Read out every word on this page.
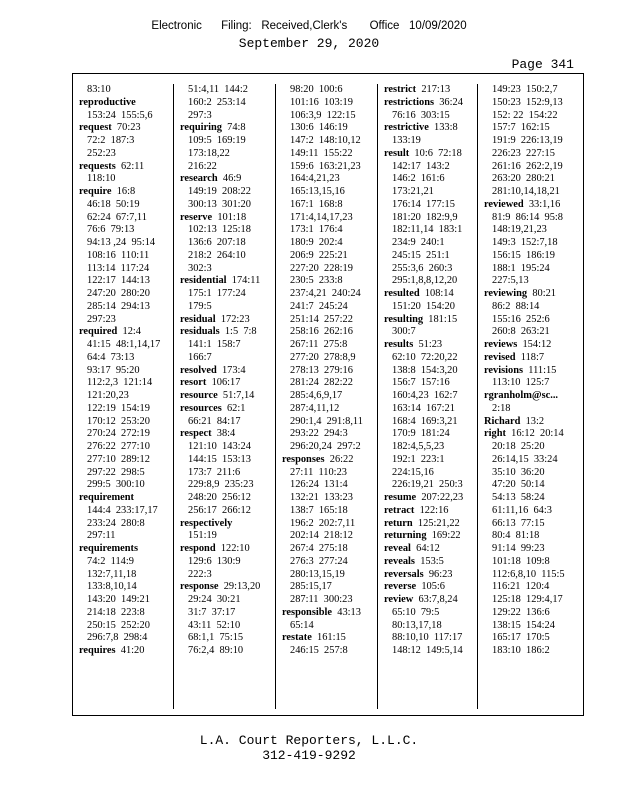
Electronic      Filing:   Received,Clerk's       Office   10/09/2020
September 29, 2020
Page 341
83:10
reproductive
153:24  155:5,6
request 70:23
72:2  187:3
252:23
requests 62:11
118:10
require 16:8
46:18  50:19
62:24  67:7,11
76:6  79:13
94:13 ,24  95:14
108:16  110:11
113:14  117:24
122:17  144:13
247:20  280:20
285:14  294:13
297:23
required 12:4
41:15  48:1,14,17
64:4  73:13
93:17  95:20
112:2,3  121:14
121:20,23
122:19  154:19
170:12  253:20
270:24  272:19
276:22  277:10
277:10  289:12
297:22  298:5
299:5  300:10
requirement
144:4  233:17,17
233:24  280:8
297:11
requirements
74:2  114:9
132:7,11,18
133:8,10,14
143:20  149:21
214:18  223:8
250:15  252:20
296:7,8  298:4
requires 41:20
51:4,11  144:2
160:2  253:14
297:3
requiring 74:8
109:5  169:19
173:18,22
216:22
research 46:9
149:19  208:22
300:13  301:20
reserve 101:18
102:13  125:18
136:6  207:18
218:2  264:10
302:3
residential 174:11
175:1  177:24
179:5
residual 172:23
residuals 1:5  7:8
141:1  158:7
166:7
resolved 173:4
resort 106:17
resource 51:7,14
resources 62:1
66:21  84:17
respect 38:4
121:10  143:24
144:15  153:13
173:7  211:6
229:8,9  235:23
248:20  256:12
256:17  266:12
respectively
151:19
respond 122:10
129:6  130:9
222:3
response 29:13,20
29:24  30:21
31:7  37:17
43:11  52:10
68:1,1  75:15
76:2,4  89:10
98:20  100:6
101:16  103:19
106:3,9  122:15
130:6  146:19
147:2  148:10,12
149:11  155:22
159:6  163:21,23
164:4,21,23
165:13,15,16
167:1  168:8
171:4,14,17,23
173:1  176:4
180:9  202:4
206:9  225:21
227:20  228:19
230:5  233:8
237:4,21  240:24
241:7  245:24
251:14  257:22
258:16  262:16
267:11  275:8
277:20  278:8,9
278:13  279:16
281:24  282:22
285:4,6,9,17
287:4,11,12
290:1,4  291:8,11
293:22  294:3
296:20,24  297:2
responses 26:22
27:11  110:23
126:24  131:4
132:21  133:23
138:7  165:18
196:2  202:7,11
202:14  218:12
267:4  275:18
276:3  277:24
280:13,15,19
285:15,17
287:11  300:23
responsible 43:13
65:14
restate 161:15
246:15  257:8
restrict 217:13
restrictions 36:24
76:16  303:15
restrictive 133:8
133:19
result 10:6  72:18
142:17  143:2
146:2  161:6
173:21,21
176:14  177:15
181:20  182:9,9
182:11,14  183:1
234:9  240:1
245:15  251:1
255:3,6  260:3
295:1,8,8,12,20
resulted 108:14
151:20  154:20
resulting 181:15
300:7
results 51:23
62:10  72:20,22
138:8  154:3,20
156:7  157:16
160:4,23  162:7
163:14  167:21
168:4  169:3,21
170:9  181:24
182:4,5,5,23
192:1  223:1
224:15,16
226:19,21  250:3
resume 207:22,23
retract 122:16
return 125:21,22
returning 169:22
reveal 64:12
reveals 153:5
reversals 96:23
reverse 105:6
review 63:7,8,24
65:10  79:5
80:13,17,18
88:10,10  117:17
148:12  149:5,14
149:23  150:2,7
150:23  152:9,13
152: 22  154:22
157:7  162:15
191:9  226:13,19
226:23  227:15
261:16  262:2,19
263:20  280:21
281:10,14,18,21
reviewed 33:1,16
81:9  86:14  95:8
148:19,21,23
149:3  152:7,18
156:15  186:19
188:1  195:24
227:5,13
reviewing 80:21
86:2  88:14
155:16  252:6
260:8  263:21
reviews 154:12
revised 118:7
revisions 111:15
113:10  125:7
rgranholm@sc...
2:18
Richard 13:2
right 16:12  20:14
20:18  25:20
26:14,15  33:24
35:10  36:20
47:20  50:14
54:13  58:24
61:11,16  64:3
66:13  77:15
80:4  81:18
91:14  99:23
101:18  109:8
112:6,8,10  115:5
116:21  120:4
125:18  129:4,17
129:22  136:6
138:15  154:24
165:17  170:5
183:10  186:2
L.A. Court Reporters, L.L.C.
312-419-9292
